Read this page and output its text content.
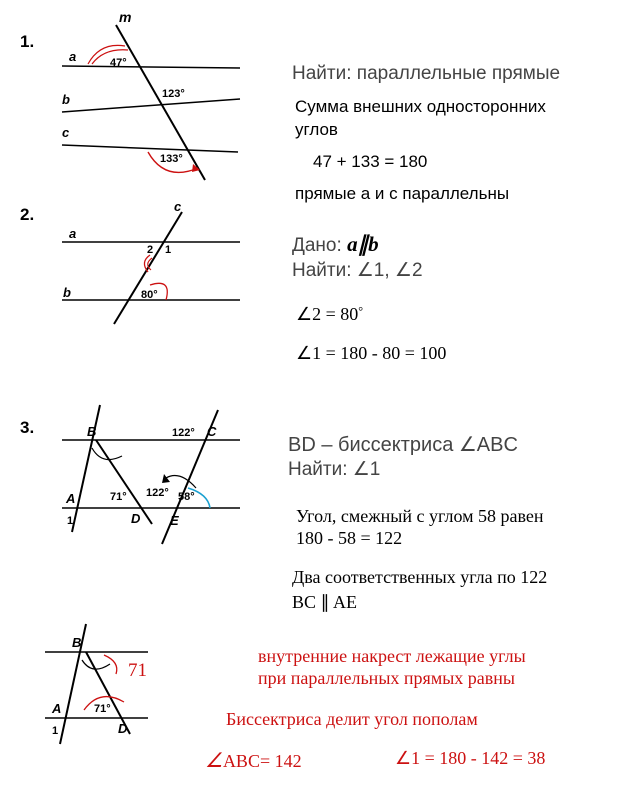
m
a
b
c
47°
123°
133°
c
a
b
2 1
80°
B	C
A
D E
1
122°
71° 122° 58°
B
A
D
1
71°
1.
2.
3.
Найти: параллельные прямые
Сумма внешних односторонних
углов
47 + 133 = 180
прямые а и с параллельны
Дано: a∥b
Найти: ∠1, ∠2
∠2 = 80°
∠1 = 180 - 80 = 100
BD – биссектриса ∠ABC
Найти: ∠1
Угол, смежный с углом 58 равен
180 - 58 = 122
Два соответственных угла по 122
BC ∥ AE
71
внутренние накрест лежащие углы
при параллельных прямых равны
Биссектриса делит угол пополам
∠ABC= 142	∠1 = 180 - 142 = 38
